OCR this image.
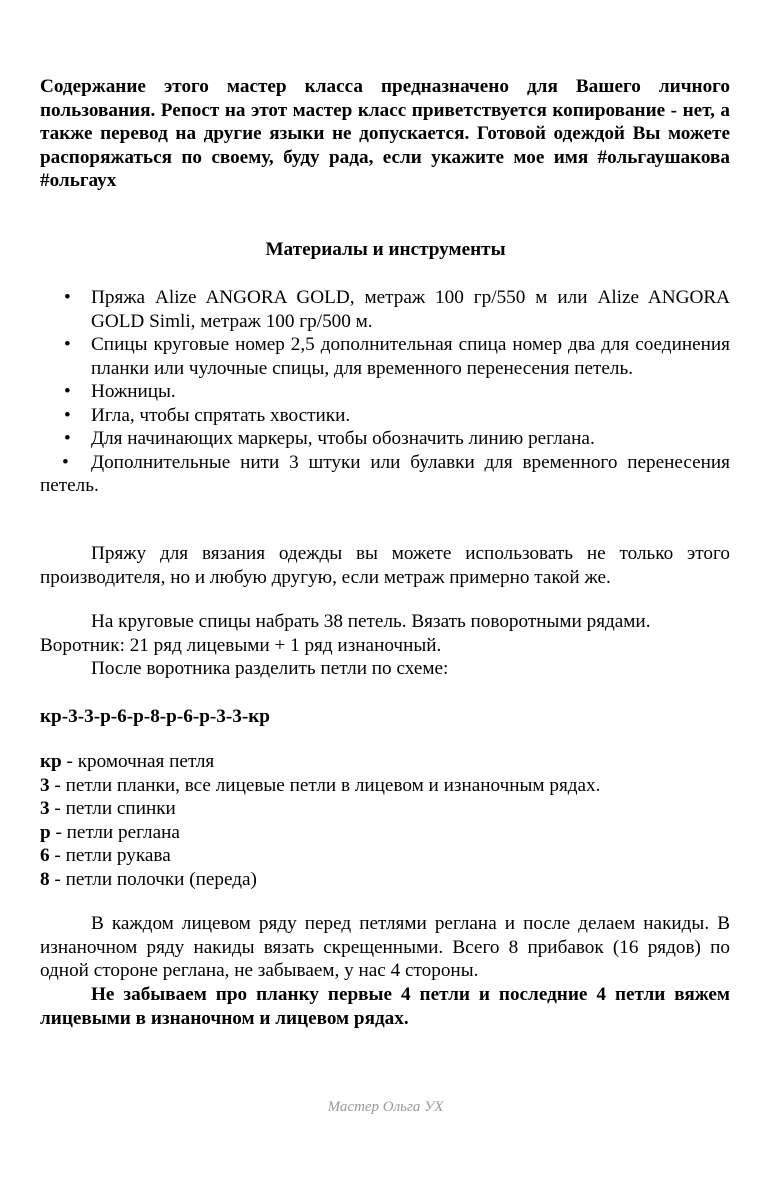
Содержание этого мастер класса предназначено для Вашего личного пользования. Репост на этот мастер класс приветствуется копирование - нет, а также перевод на другие языки не допускается. Готовой одеждой Вы можете распоряжаться по своему, буду рада, если укажите мое имя #ольгаушакова #ольгаух
Материалы и инструменты
• Пряжа Alize ANGORA GOLD, метраж 100 гр/550 м или Alize ANGORA GOLD Simli, метраж 100 гр/500 м.
• Спицы круговые номер 2,5 дополнительная спица номер два для соединения планки или чулочные спицы, для временного перенесения петель.
• Ножницы.
• Игла, чтобы спрятать хвостики.
• Для начинающих маркеры, чтобы обозначить линию реглана.
• Дополнительные нити 3 штуки или булавки для временного перенесения петель.
Пряжу для вязания одежды вы можете использовать не только этого производителя, но и любую другую, если метраж примерно такой же.
На круговые спицы набрать 38 петель. Вязать поворотными рядами.
Воротник: 21 ряд лицевыми + 1 ряд изнаночный.
После воротника разделить петли по схеме:
кр-3-3-р-6-р-8-р-6-р-3-3-кр
кр - кромочная петля
3 - петли планки, все лицевые петли в лицевом и изнаночным рядах.
3 - петли спинки
р - петли реглана
6 - петли рукава
8 - петли полочки (переда)
В каждом лицевом ряду перед петлями реглана и после делаем накиды. В изнаночном ряду накиды вязать скрещенными. Всего 8 прибавок (16 рядов) по одной стороне реглана, не забываем, у нас 4 стороны.
Не забываем про планку первые 4 петли и последние 4 петли вяжем лицевыми в изнаночном и лицевом рядах.
Мастер Ольга УХ
